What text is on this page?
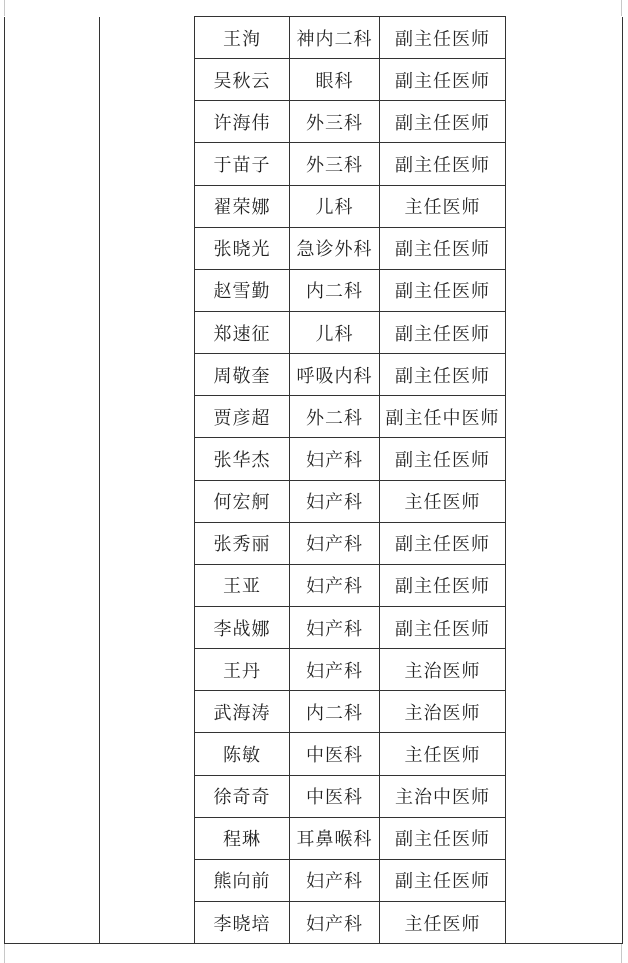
		王洵	神内二科	副主任医师	
		吴秋云	眼科	副主任医师	
		许海伟	外三科	副主任医师	
		于苗子	外三科	副主任医师	
		翟荣娜	儿科	主任医师	
		张晓光	急诊外科	副主任医师	
		赵雪勤	内二科	副主任医师	
		郑速征	儿科	副主任医师	
		周敬奎	呼吸内科	副主任医师	
		贾彦超	外二科	副主任中医师	
		张华杰	妇产科	副主任医师	
		何宏舸	妇产科	主任医师	
		张秀丽	妇产科	副主任医师	
		王亚	妇产科	副主任医师	
		李战娜	妇产科	副主任医师	
		王丹	妇产科	主治医师	
		武海涛	内二科	主治医师	
		陈敏	中医科	主任医师	
		徐奇奇	中医科	主治中医师	
		程琳	耳鼻喉科	副主任医师	
		熊向前	妇产科	副主任医师	
		李晓培	妇产科	主任医师	
